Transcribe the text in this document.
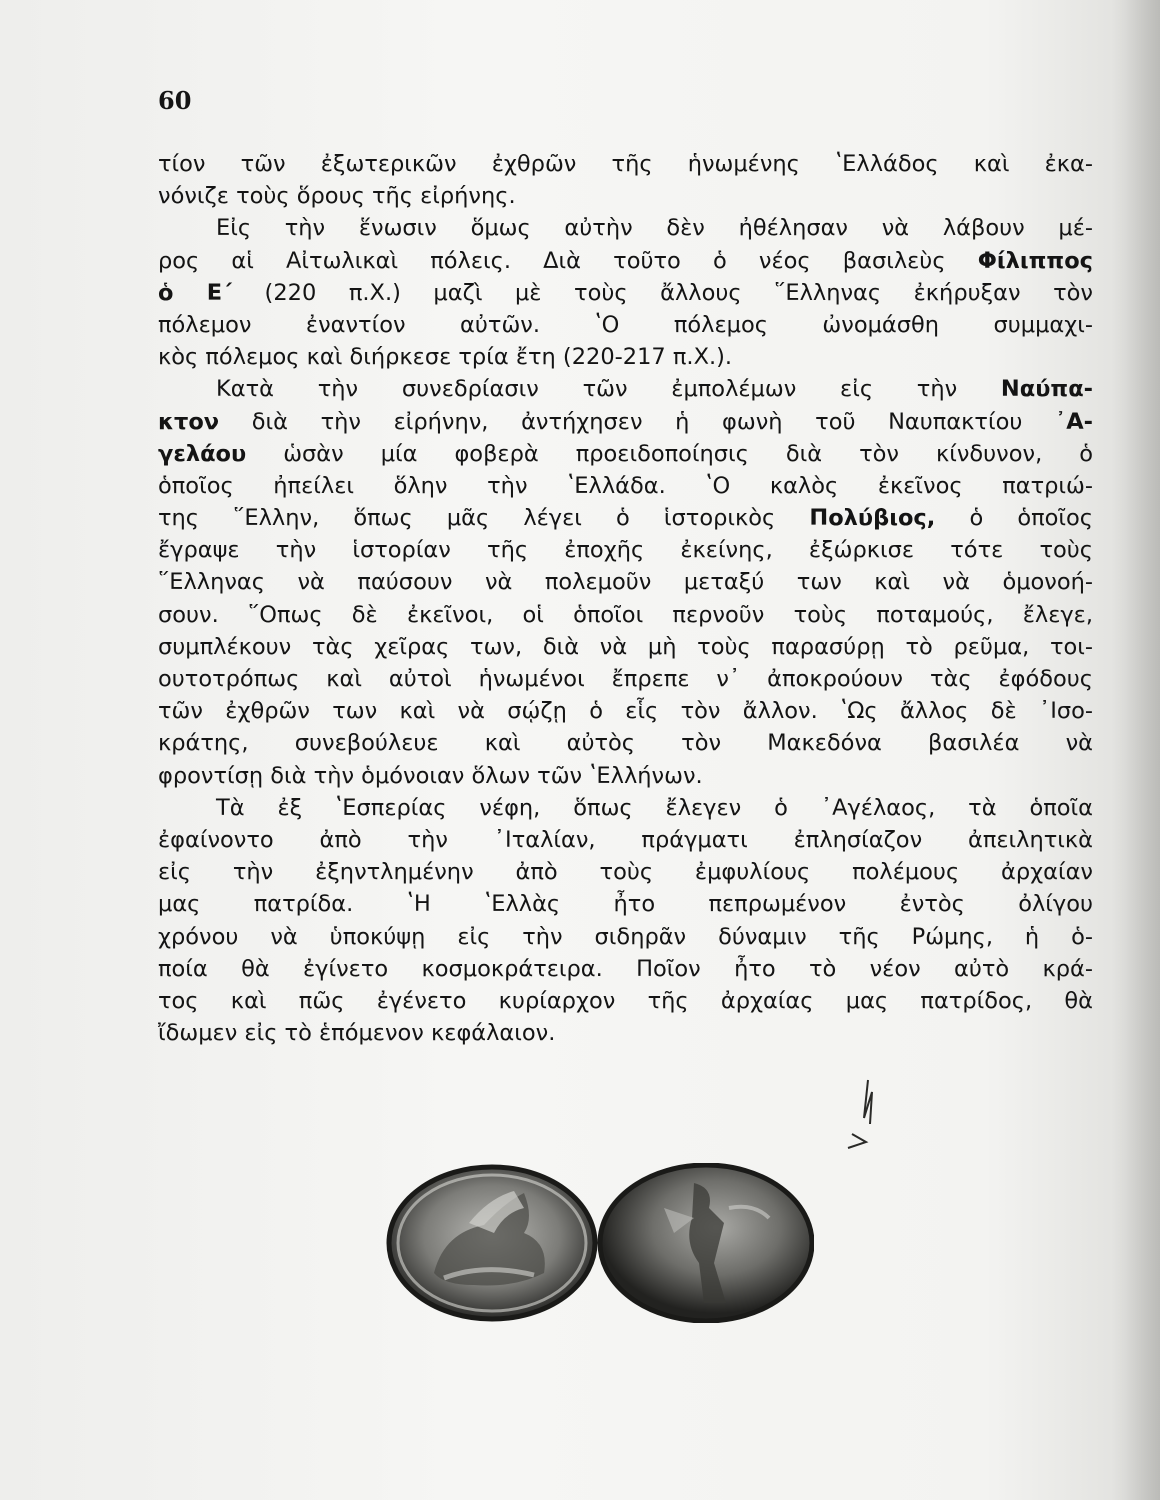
60
τίον τῶν ἐξωτερικῶν ἐχθρῶν τῆς ἡνωμένης ʽΕλλάδος καὶ ἐκα-
νόνιζε τοὺς ὅρους τῆς εἰρήνης.
Εἰς τὴν ἕνωσιν ὅμως αὐτὴν δὲν ἠθέλησαν νὰ λάβουν μέ-
ρος αἱ Αἰτωλικαὶ πόλεις. Διὰ τοῦτο ὁ νέος βασιλεὺς Φίλιππος
ὁ Ε΄ (220 π.Χ.) μαζὶ μὲ τοὺς ἄλλους ῞Ελληνας ἐκήρυξαν τὸν
πόλεμον ἐναντίον αὐτῶν. ʽΟ πόλεμος ὠνομάσθη συμμαχι-
κὸς πόλεμος καὶ διήρκεσε τρία ἔτη (220-217 π.Χ.).
Κατὰ τὴν συνεδρίασιν τῶν ἐμπολέμων εἰς τὴν Ναύπα-
κτον διὰ τὴν εἰρήνην, ἀντήχησεν ἡ φωνὴ τοῦ Ναυπακτίου ᾿Α-
γελάου ὡσὰν μία φοβερὰ προειδοποίησις διὰ τὸν κίνδυνον, ὁ
ὁποῖος ἠπείλει ὅλην τὴν ʽΕλλάδα. ʽΟ καλὸς ἐκεῖνος πατριώ-
της ῞Ελλην, ὅπως μᾶς λέγει ὁ ἱστορικὸς Πολύβιος, ὁ ὁποῖος
ἔγραψε τὴν ἱστορίαν τῆς ἐποχῆς ἐκείνης, ἐξώρκισε τότε τοὺς
῞Ελληνας νὰ παύσουν νὰ πολεμοῦν μεταξύ των καὶ νὰ ὁμονοή-
σουν. ῞Οπως δὲ ἐκεῖνοι, οἱ ὁποῖοι περνοῦν τοὺς ποταμούς, ἔλεγε,
συμπλέκουν τὰς χεῖρας των, διὰ νὰ μὴ τοὺς παρασύρῃ τὸ ρεῦμα, τοι-
ουτοτρόπως καὶ αὐτοὶ ἡνωμένοι ἔπρεπε ν᾿ ἀποκρούουν τὰς ἐφόδους
τῶν ἐχθρῶν των καὶ νὰ σῴζῃ ὁ εἷς τὸν ἄλλον. ʽΩς ἄλλος δὲ ᾿Ισο-
κράτης, συνεβούλευε καὶ αὐτὸς τὸν Μακεδόνα βασιλέα νὰ
φροντίσῃ διὰ τὴν ὁμόνοιαν ὅλων τῶν ʽΕλλήνων.
Τὰ ἐξ ʽΕσπερίας νέφη, ὅπως ἔλεγεν ὁ ᾿Αγέλαος, τὰ ὁποῖα
ἐφαίνοντο ἀπὸ τὴν ᾿Ιταλίαν, πράγματι ἐπλησίαζον ἀπειλητικὰ
εἰς τὴν ἐξηντλημένην ἀπὸ τοὺς ἐμφυλίους πολέμους ἀρχαίαν
μας πατρίδα. ʽΗ ʽΕλλὰς ἦτο πεπρωμένον ἐντὸς ὀλίγου
χρόνου νὰ ὑποκύψῃ εἰς τὴν σιδηρᾶν δύναμιν τῆς Ρώμης, ἡ ὁ-
ποία θὰ ἐγίνετο κοσμοκράτειρα. Ποῖον ἦτο τὸ νέον αὐτὸ κρά-
τος καὶ πῶς ἐγένετο κυρίαρχον τῆς ἀρχαίας μας πατρίδος, θὰ
ἴδωμεν εἰς τὸ ἑπόμενον κεφάλαιον.
